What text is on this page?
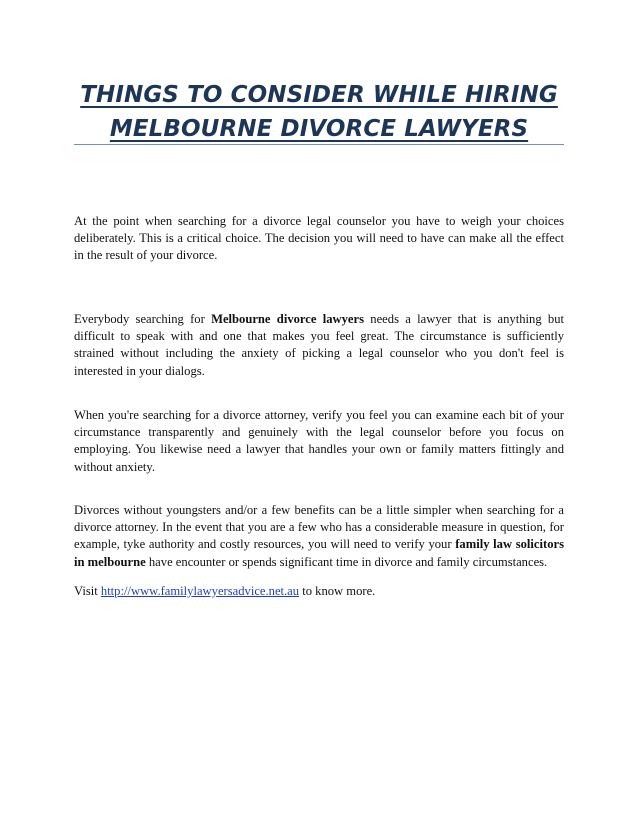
THINGS TO CONSIDER WHILE HIRING
MELBOURNE DIVORCE LAWYERS

At the point when searching for a divorce legal counselor you have to weigh your choices deliberately. This is a critical choice. The decision you will need to have can make all the effect in the result of your divorce.

Everybody searching for Melbourne divorce lawyers needs a lawyer that is anything but difficult to speak with and one that makes you feel great. The circumstance is sufficiently strained without including the anxiety of picking a legal counselor who you don't feel is interested in your dialogs.

When you're searching for a divorce attorney, verify you feel you can examine each bit of your circumstance transparently and genuinely with the legal counselor before you focus on employing. You likewise need a lawyer that handles your own or family matters fittingly and without anxiety.

Divorces without youngsters and/or a few benefits can be a little simpler when searching for a divorce attorney. In the event that you are a few who has a considerable measure in question, for example, tyke authority and costly resources, you will need to verify your family law solicitors in melbourne have encounter or spends significant time in divorce and family circumstances.

Visit http://www.familylawyersadvice.net.au to know more.
